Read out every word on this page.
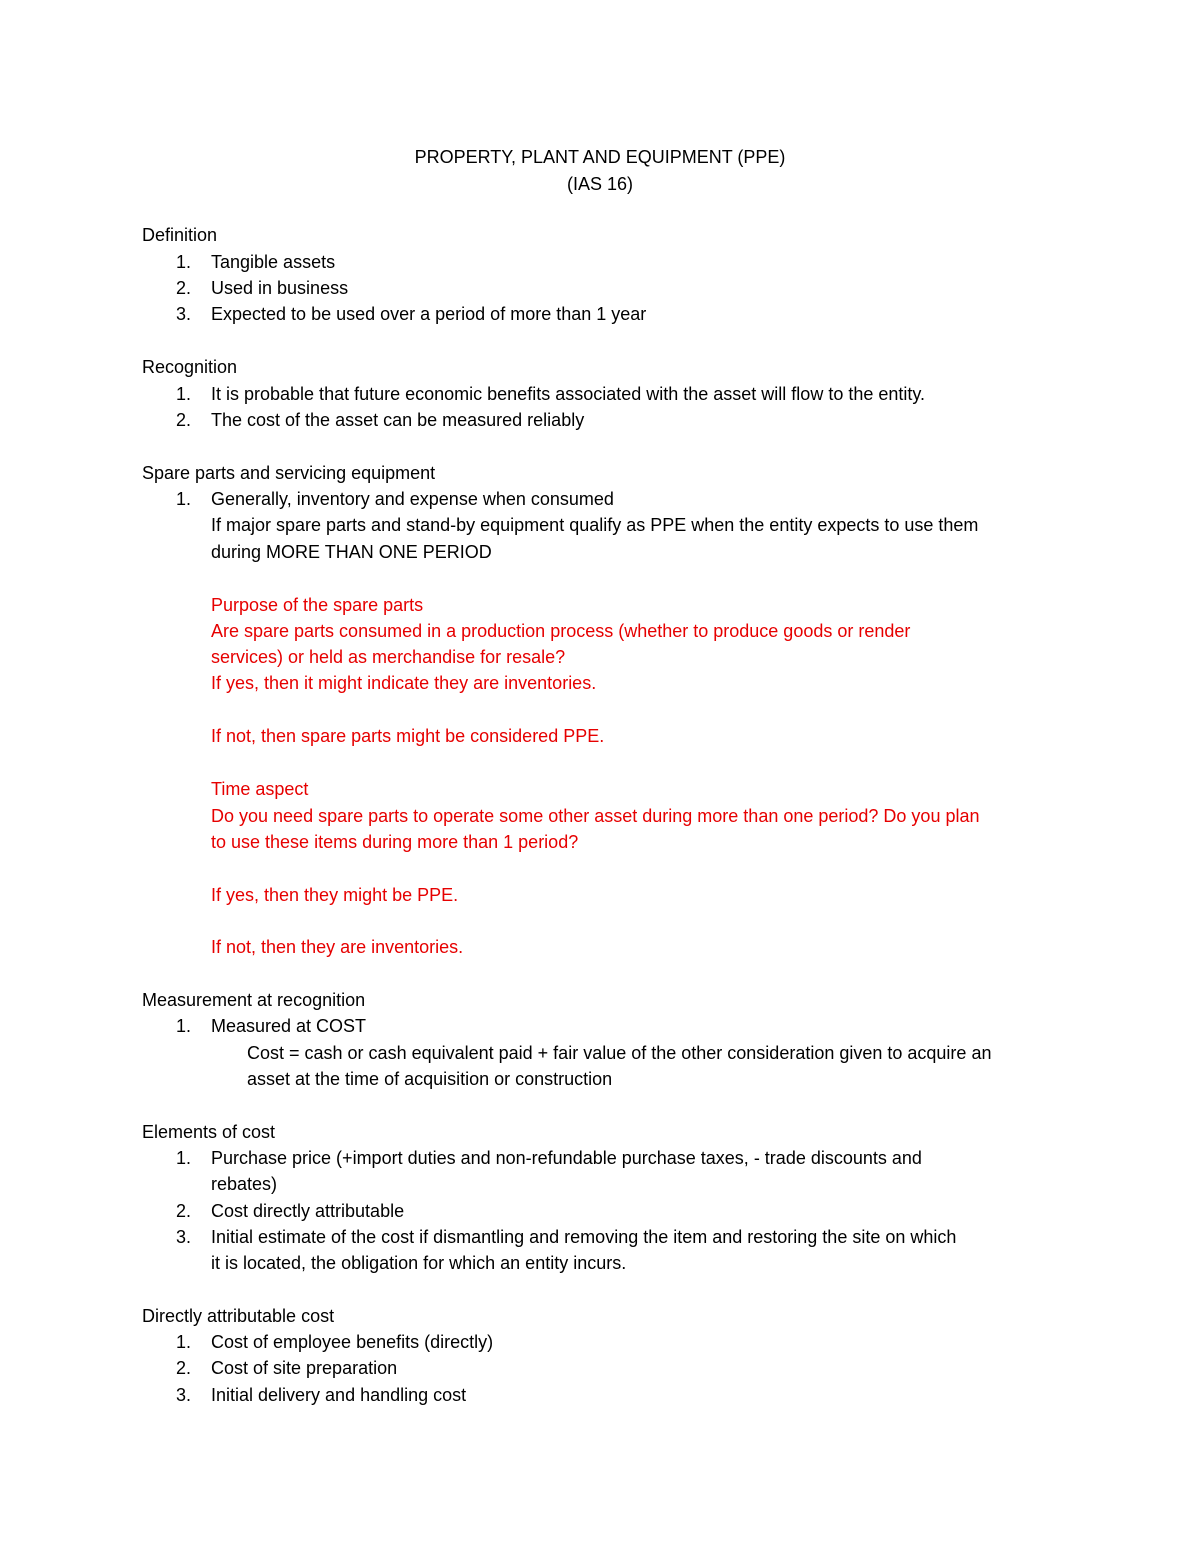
PROPERTY, PLANT AND EQUIPMENT (PPE)
(IAS 16)
Definition
1. Tangible assets
2. Used in business
3. Expected to be used over a period of more than 1 year
Recognition
1. It is probable that future economic benefits associated with the asset will flow to the entity.
2. The cost of the asset can be measured reliably
Spare parts and servicing equipment
1. Generally, inventory and expense when consumed
If major spare parts and stand-by equipment qualify as PPE when the entity expects to use them
during MORE THAN ONE PERIOD
Purpose of the spare parts
Are spare parts consumed in a production process (whether to produce goods or render
services) or held as merchandise for resale?
If yes, then it might indicate they are inventories.
If not, then spare parts might be considered PPE.
Time aspect
Do you need spare parts to operate some other asset during more than one period? Do you plan
to use these items during more than 1 period?
If yes, then they might be PPE.
If not, then they are inventories.
Measurement at recognition
1. Measured at COST
Cost = cash or cash equivalent paid + fair value of the other consideration given to acquire an
asset at the time of acquisition or construction
Elements of cost
1. Purchase price (+import duties and non-refundable purchase taxes, - trade discounts and
rebates)
2. Cost directly attributable
3. Initial estimate of the cost if dismantling and removing the item and restoring the site on which
it is located, the obligation for which an entity incurs.
Directly attributable cost
1. Cost of employee benefits (directly)
2. Cost of site preparation
3. Initial delivery and handling cost
